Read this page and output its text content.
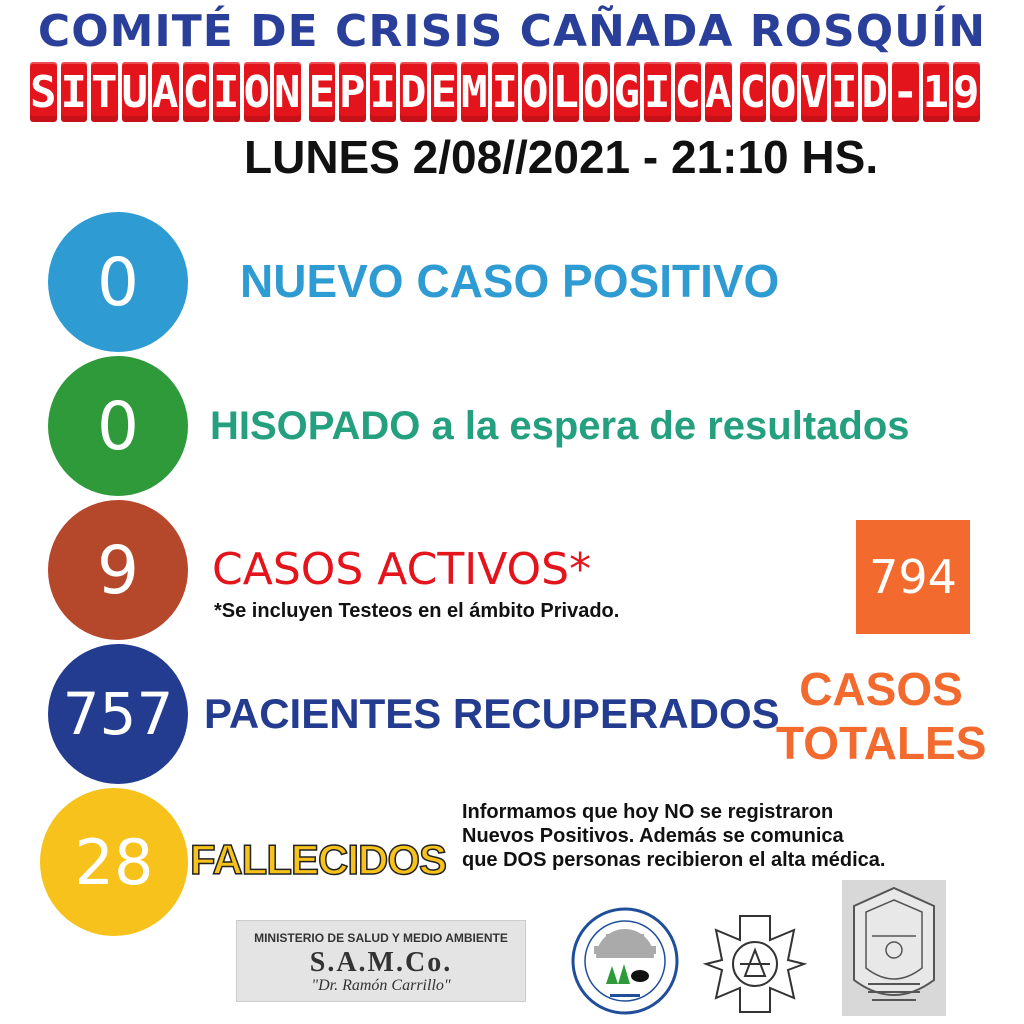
COMITÉ DE CRISIS CAÑADA ROSQUÍN
S I T U A C I O N E P I D E M I O L O G I C A C O V I D - 1 9
LUNES 2/08//2021 - 21:10 HS.
0 NUEVO CASO POSITIVO
0 HISOPADO a la espera de resultados
9 CASOS ACTIVOS*
*Se incluyen Testeos en el ámbito Privado.
757 PACIENTES RECUPERADOS
28 FALLECIDOS
794
CASOS
TOTALES
Informamos que hoy NO se registraron
Nuevos Positivos. Además se comunica
que DOS personas recibieron el alta médica.
MINISTERIO DE SALUD Y MEDIO AMBIENTE
S.A.M.Co.
"Dr. Ramón Carrillo"
